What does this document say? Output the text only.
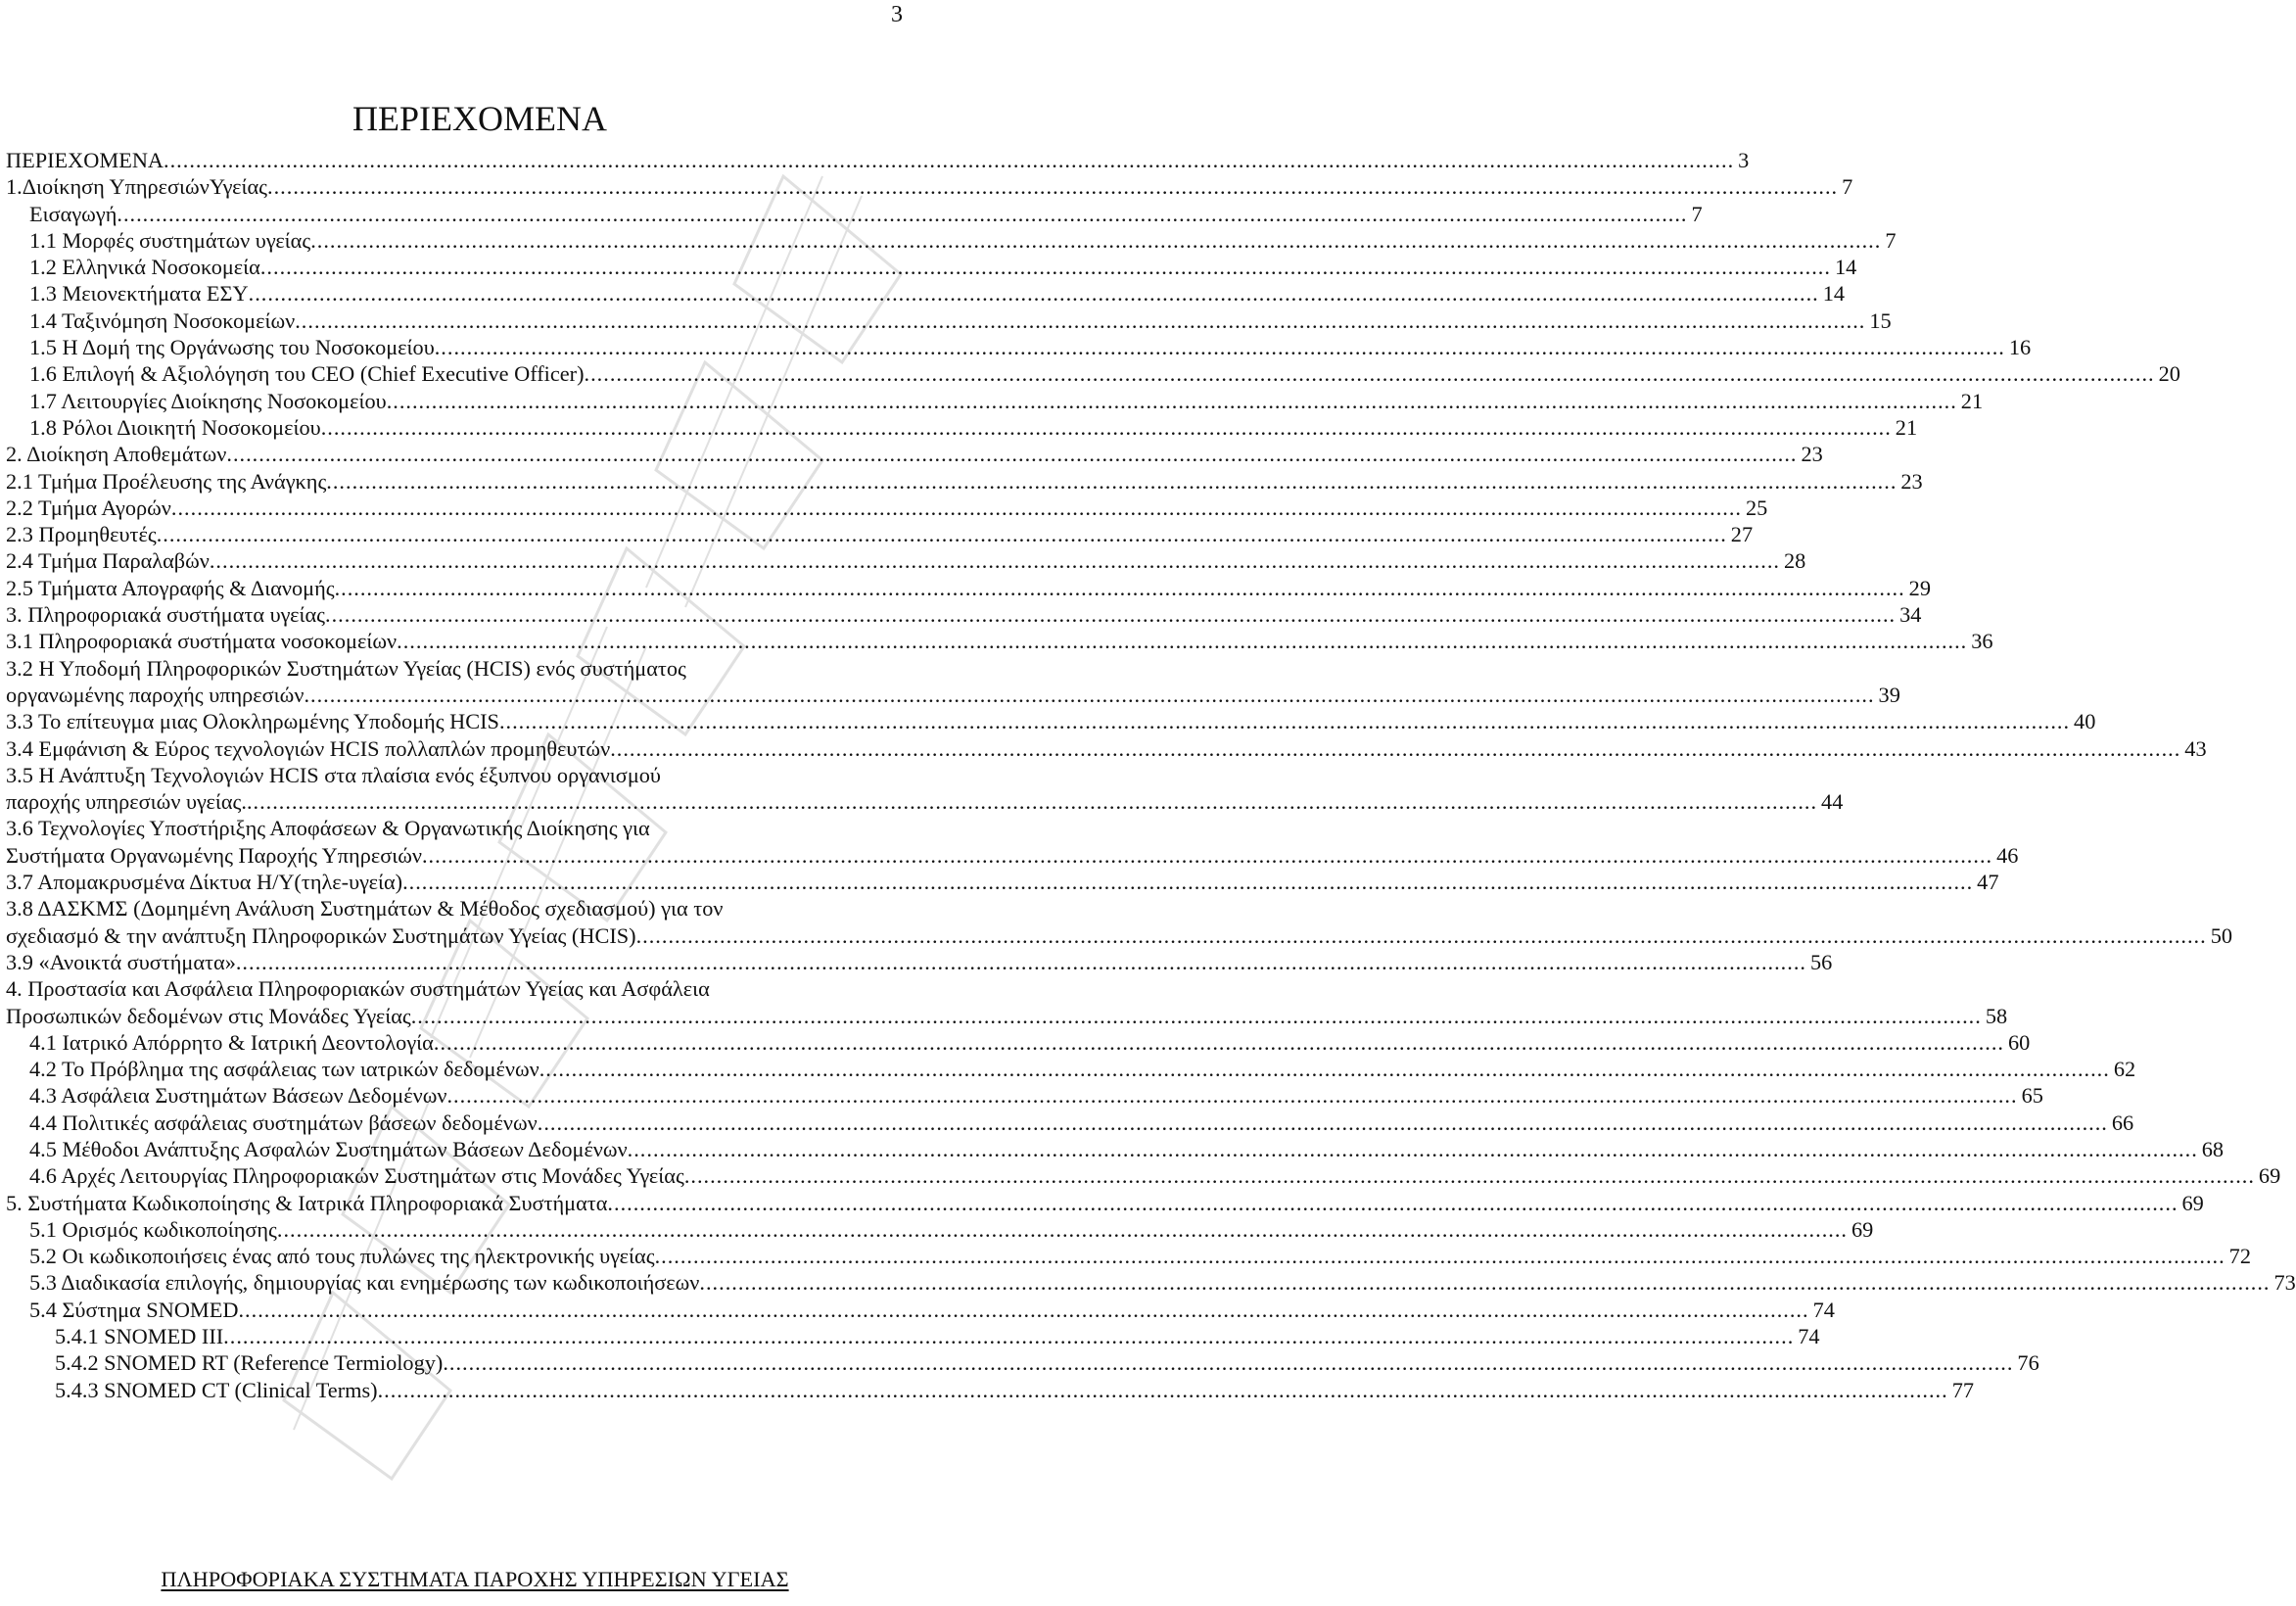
3
ΠΕΡΙΕΧΟΜΕΝΑ
ΠΕΡΙΕΧΟΜΕΝΑ .....	3
1.Διοίκηση ΥπηρεσιώνΥγείας .....	7
Εισαγωγή .....	7
1.1 Μορφές συστημάτων υγείας .....	7
1.2 Ελληνικά Νοσοκομεία .....	14
1.3 Μειονεκτήματα ΕΣΥ .....	14
1.4 Ταξινόμηση Νοσοκομείων .....	15
1.5 Η Δομή της Οργάνωσης του Νοσοκομείου .....	16
1.6 Επιλογή & Αξιολόγηση του CEO (Chief Executive Officer) .....	20
1.7 Λειτουργίες Διοίκησης Νοσοκομείου .....	21
1.8 Ρόλοι Διοικητή Νοσοκομείου .....	21
2. Διοίκηση Αποθεμάτων .....	23
2.1 Τμήμα Προέλευσης της Ανάγκης .....	23
2.2 Τμήμα Αγορών .....	25
2.3 Προμηθευτές .....	27
2.4 Τμήμα Παραλαβών .....	28
2.5 Τμήματα Απογραφής & Διανομής .....	29
3. Πληροφοριακά συστήματα υγείας .....	34
3.1 Πληροφοριακά συστήματα νοσοκομείων .....	36
3.2 Η Υποδομή Πληροφορικών Συστημάτων Υγείας (HCIS) ενός συστήματος
οργανωμένης παροχής υπηρεσιών .....	39
3.3 Το επίτευγμα μιας Ολοκληρωμένης Υποδομής HCIS .....	40
3.4 Εμφάνιση & Εύρος τεχνολογιών HCIS πολλαπλών προμηθευτών .....	43
3.5 Η Ανάπτυξη Τεχνολογιών HCIS στα πλαίσια ενός έξυπνου οργανισμού
παροχής υπηρεσιών υγείας. .....	44
3.6 Τεχνολογίες Υποστήριξης Αποφάσεων & Οργανωτικής Διοίκησης για
Συστήματα Οργανωμένης Παροχής Υπηρεσιών .....	46
3.7 Απομακρυσμένα Δίκτυα Η/Υ(τηλε-υγεία) .....	47
3.8 ΔΑΣΚΜΣ (Δομημένη Ανάλυση Συστημάτων & Μέθοδος σχεδιασμού) για τον
σχεδιασμό & την ανάπτυξη Πληροφορικών Συστημάτων Υγείας (HCIS) .....	50
3.9 «Ανοικτά συστήματα» .....	56
4. Προστασία και Ασφάλεια Πληροφοριακών συστημάτων Υγείας και Ασφάλεια
Προσωπικών δεδομένων στις Μονάδες Υγείας .....	58
4.1 Ιατρικό Απόρρητο & Ιατρική Δεοντολογία .....	60
4.2 Το Πρόβλημα της ασφάλειας των ιατρικών δεδομένων .....	62
4.3 Ασφάλεια Συστημάτων Βάσεων Δεδομένων .....	65
4.4 Πολιτικές ασφάλειας συστημάτων βάσεων δεδομένων .....	66
4.5 Μέθοδοι Ανάπτυξης Ασφαλών Συστημάτων Βάσεων Δεδομένων .....	68
4.6 Αρχές Λειτουργίας Πληροφοριακών Συστημάτων στις Μονάδες Υγείας .....	69
5. Συστήματα Κωδικοποίησης & Ιατρικά Πληροφοριακά Συστήματα .....	69
5.1 Ορισμός κωδικοποίησης .....	69
5.2 Οι κωδικοποιήσεις ένας από τους πυλώνες της ηλεκτρονικής υγείας .....	72
5.3 Διαδικασία επιλογής, δημιουργίας και ενημέρωσης των κωδικοποιήσεων .....	73
5.4 Σύστημα SNOMED .....	74
5.4.1 SNOMED III .....	74
5.4.2 SNOMED RT (Reference Termiology) .....	76
5.4.3 SNOMED CT (Clinical Terms) .....	77
ΠΛΗΡΟΦΟΡΙΑΚΑ ΣΥΣΤΗΜΑΤΑ ΠΑΡΟΧΗΣ ΥΠΗΡΕΣΙΩΝ ΥΓΕΙΑΣ
